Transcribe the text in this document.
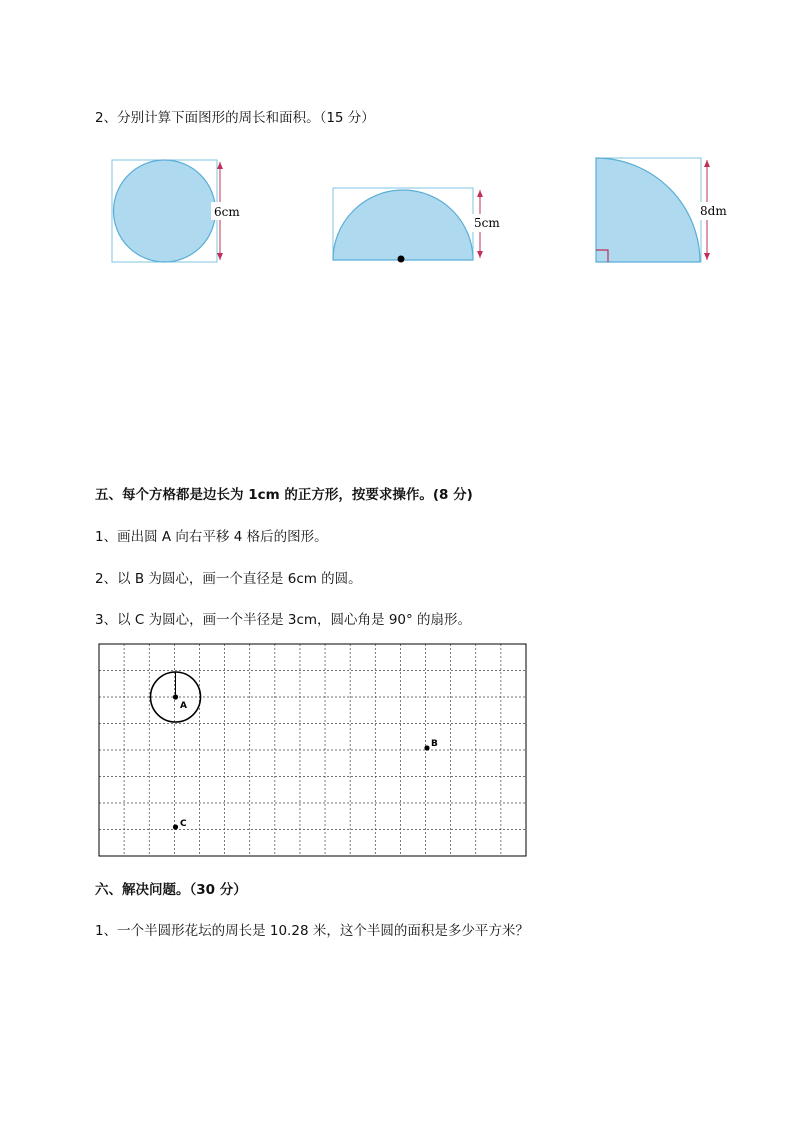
2、分别计算下面图形的周长和面积。（15 分）
6cm
5cm
8dm
五、每个方格都是边长为 1cm 的正方形，按要求操作。(8 分)
1、画出圆 A 向右平移 4 格后的图形。
2、以 B 为圆心，画一个直径是 6cm 的圆。
3、以 C 为圆心，画一个半径是 3cm，圆心角是 90° 的扇形。
A
B
C
六、解决问题。（30 分）
1、一个半圆形花坛的周长是 10.28 米，这个半圆的面积是多少平方米？
